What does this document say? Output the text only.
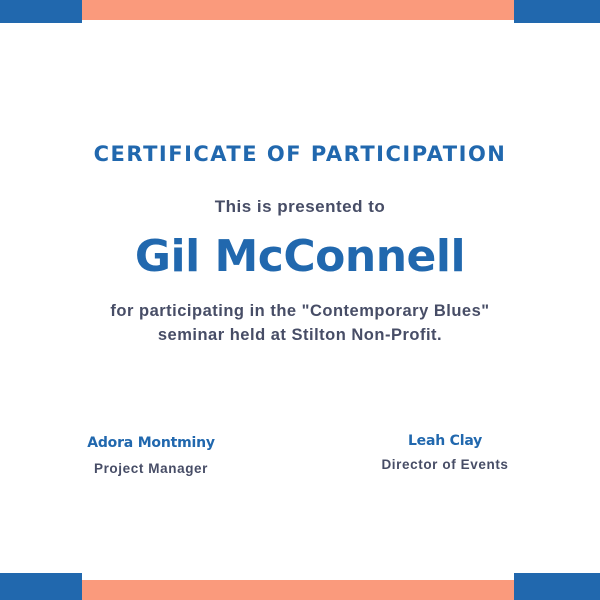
CERTIFICATE OF PARTICIPATION
This is presented to
Gil McConnell
for participating in the "Contemporary Blues"
seminar held at Stilton Non-Profit.
Adora Montminy
Project Manager
Leah Clay
Director of Events
